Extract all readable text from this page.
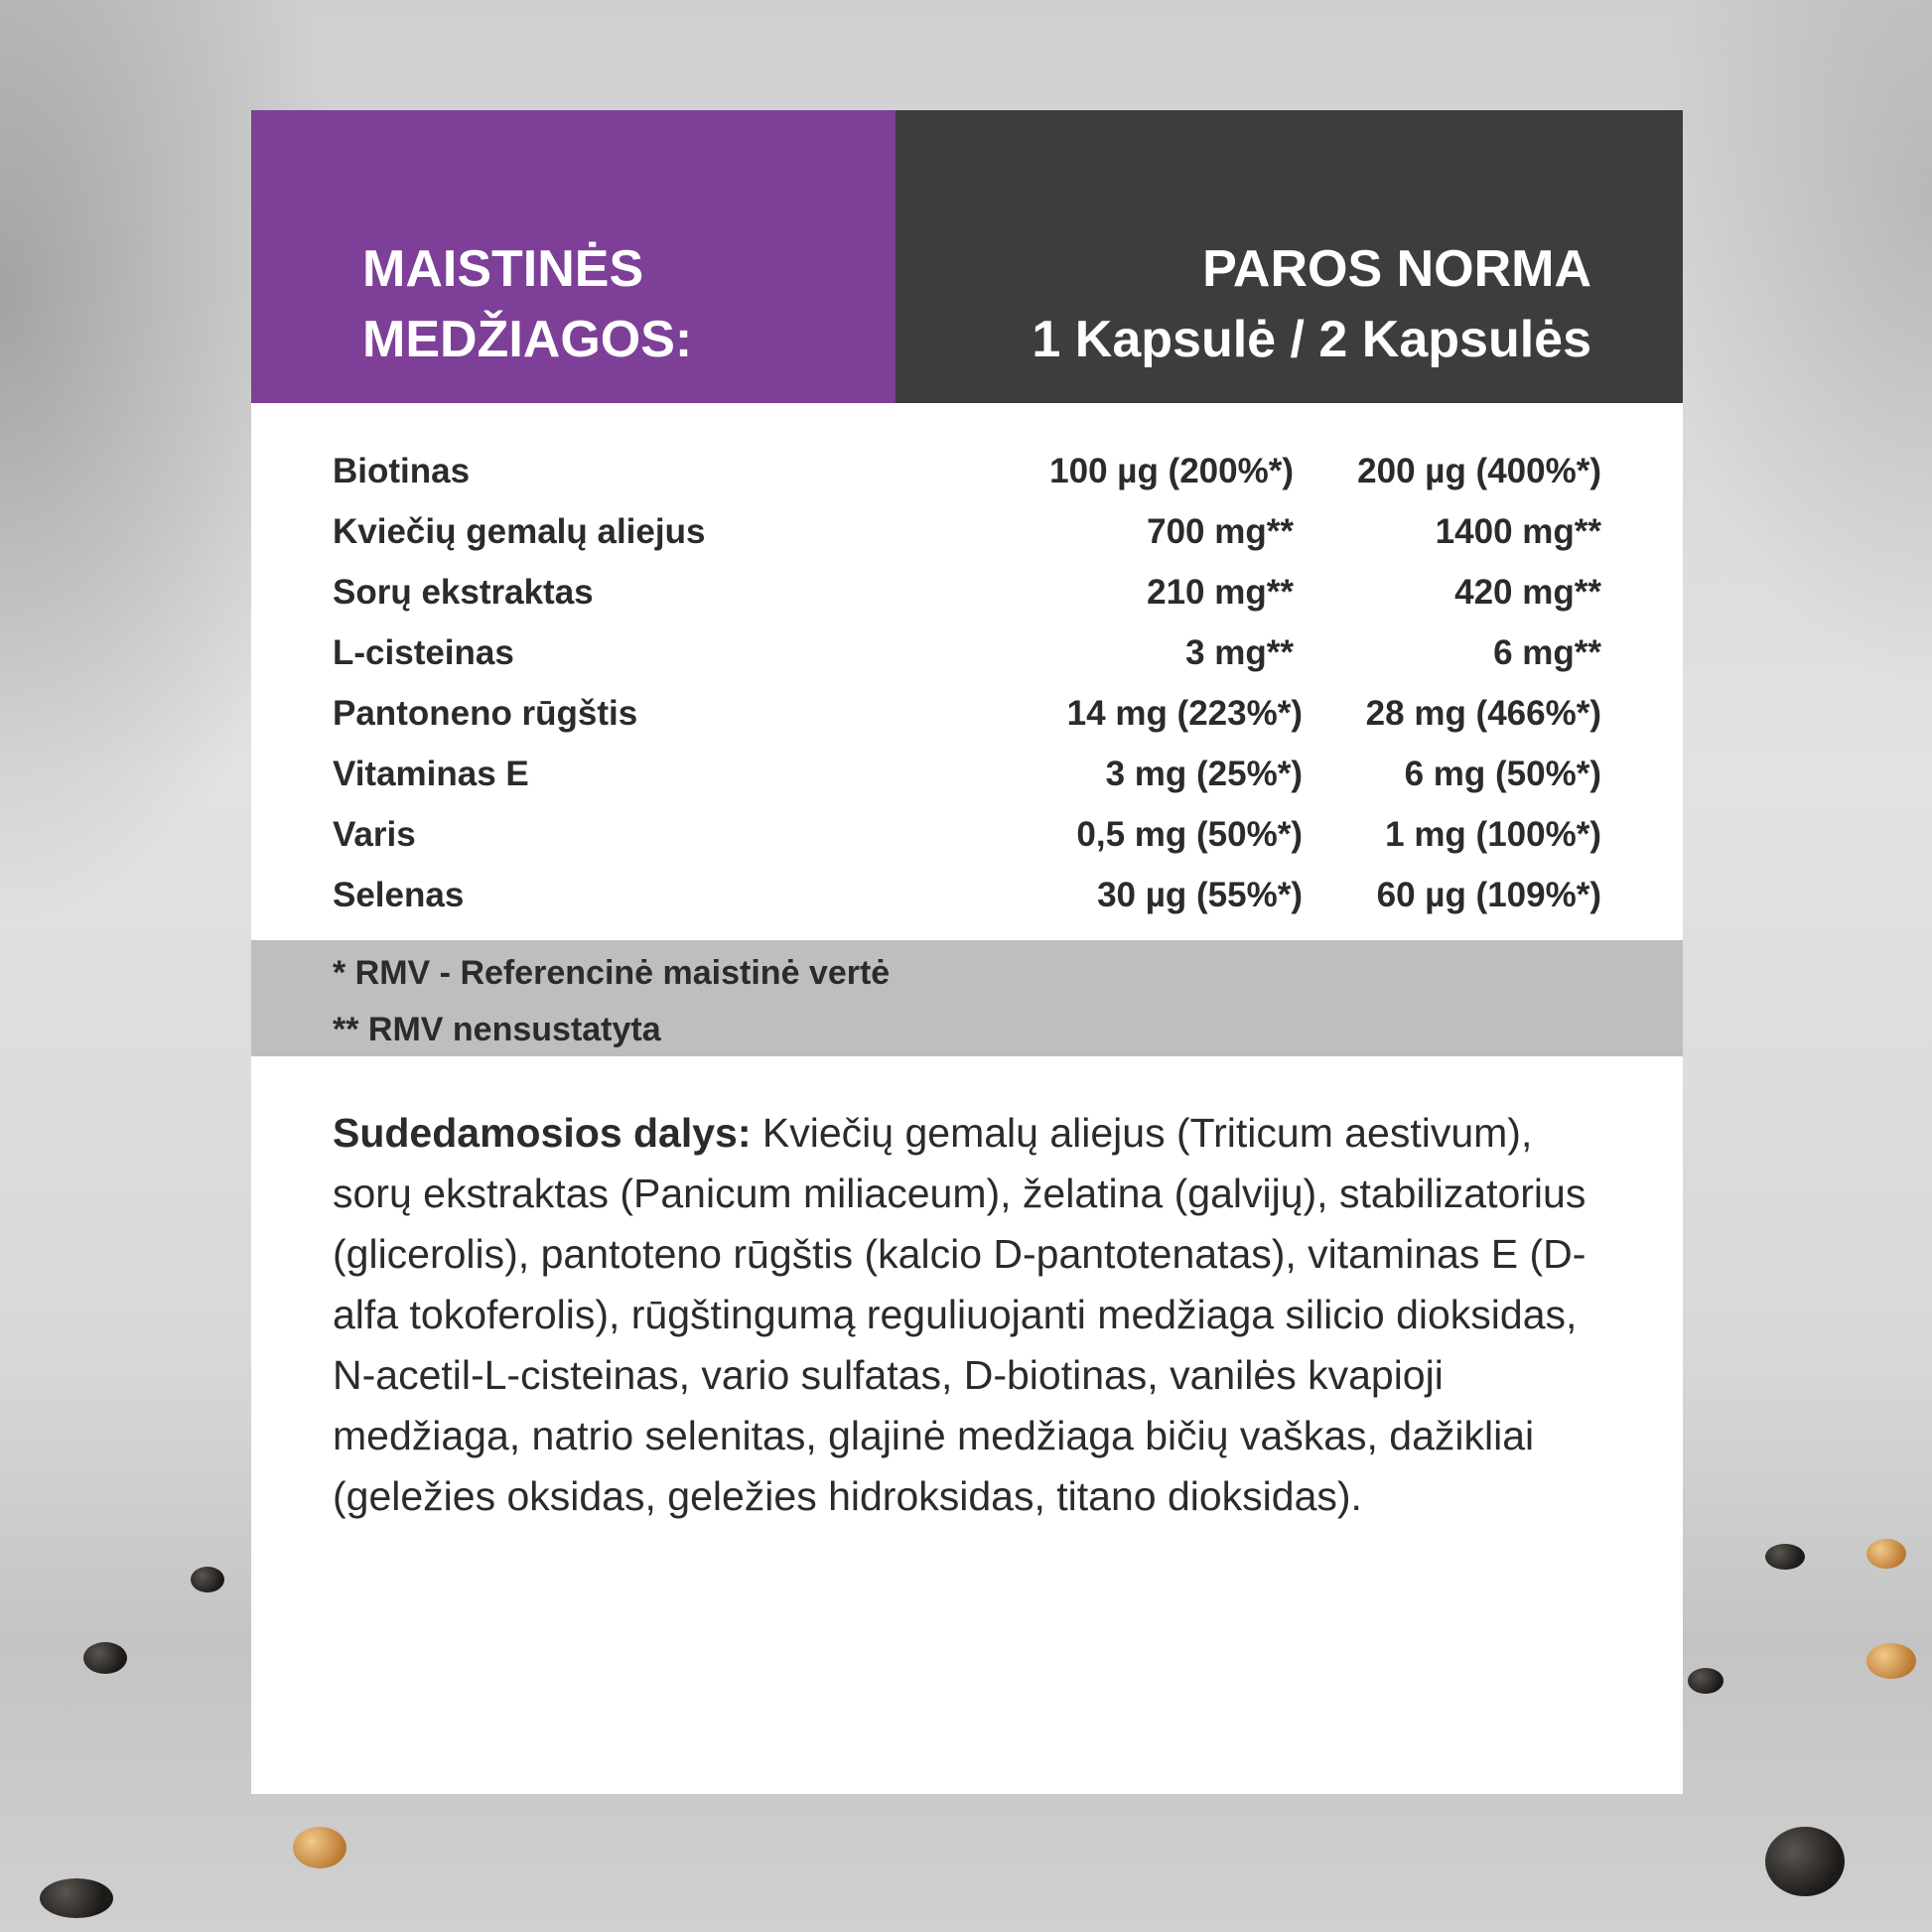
MAISTINĖS
MEDŽIAGOS:
PAROS NORMA
1 Kapsulė / 2 Kapsulės
Biotinas	100 µg (200%*) 200 µg (400%*)
Kviečių gemalų aliejus	700 mg**	1400 mg**
Sorų ekstraktas	210 mg**	420 mg**
L-cisteinas	3 mg**	6 mg**
Pantoneno rūgštis	14 mg (223%*) 28 mg (466%*)
Vitaminas E	3 mg (25%*)	6 mg (50%*)
Varis	0,5 mg (50%*) 1 mg (100%*)
Selenas	30 µg (55%*) 60 µg (109%*)
* RMV - Referencinė maistinė vertė
** RMV nensustatyta
Sudedamosios dalys: Kviečių gemalų aliejus (Triticum aestivum), sorų ekstraktas (Panicum miliaceum), želatina (galvijų), stabilizatorius (glicerolis), pantoteno rūgštis (kalcio D-pantotenatas), vitaminas E (D-alfa tokoferolis), rūgštingumą reguliuojanti medžiaga silicio dioksidas, N-acetil-L-cisteinas, vario sulfatas, D-biotinas, vanilės kvapioji medžiaga, natrio selenitas, glajinė medžiaga bičių vaškas, dažikliai (geležies oksidas, geležies hidroksidas, titano dioksidas).
